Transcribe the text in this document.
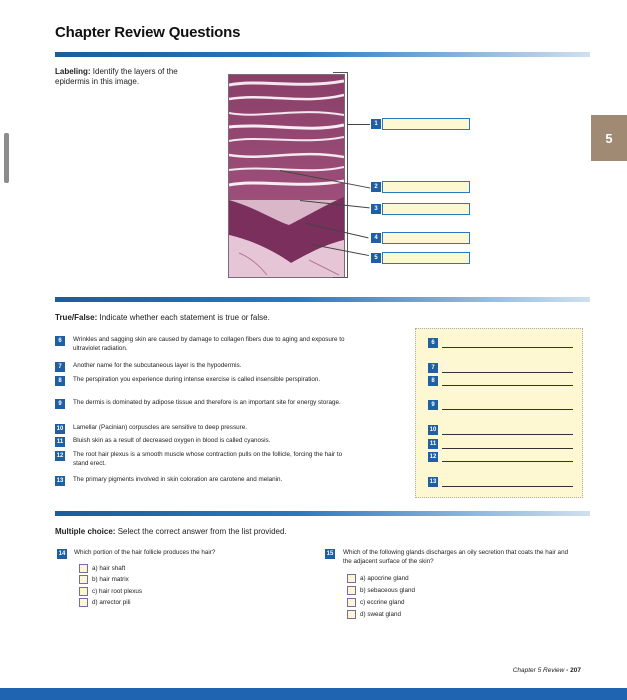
Chapter Review Questions
5
Labeling: Identify the layers of the epidermis in this image.
1
2
3
4
5
True/False: Indicate whether each statement is true or false.
6	Wrinkles and sagging skin are caused by damage to collagen fibers due to aging and exposure to ultraviolet radiation.
7	Another name for the subcutaneous layer is the hypodermis.
8	The perspiration you experience during intense exercise is called insensible perspiration.
9	The dermis is dominated by adipose tissue and therefore is an important site for energy storage.
10 Lamellar (Pacinian) corpuscles are sensitive to deep pressure.
11 Bluish skin as a result of decreased oxygen in blood is called cyanosis.
12 The root hair plexus is a smooth muscle whose contraction pulls on the follicle, forcing the hair to stand erect.
13 The primary pigments involved in skin coloration are carotene and melanin.
6
7
8
9
10
11
12
13
Multiple choice: Select the correct answer from the list provided.
14 Which portion of the hair follicle produces the hair?
a) hair shaft
b) hair matrix
c) hair root plexus
d) arrector pili
15 Which of the following glands discharges an oily secretion that coats the hair and the adjacent surface of the skin?
a) apocrine gland
b) sebaceous gland
c) eccrine gland
d) sweat gland
Chapter 5 Review - 207
